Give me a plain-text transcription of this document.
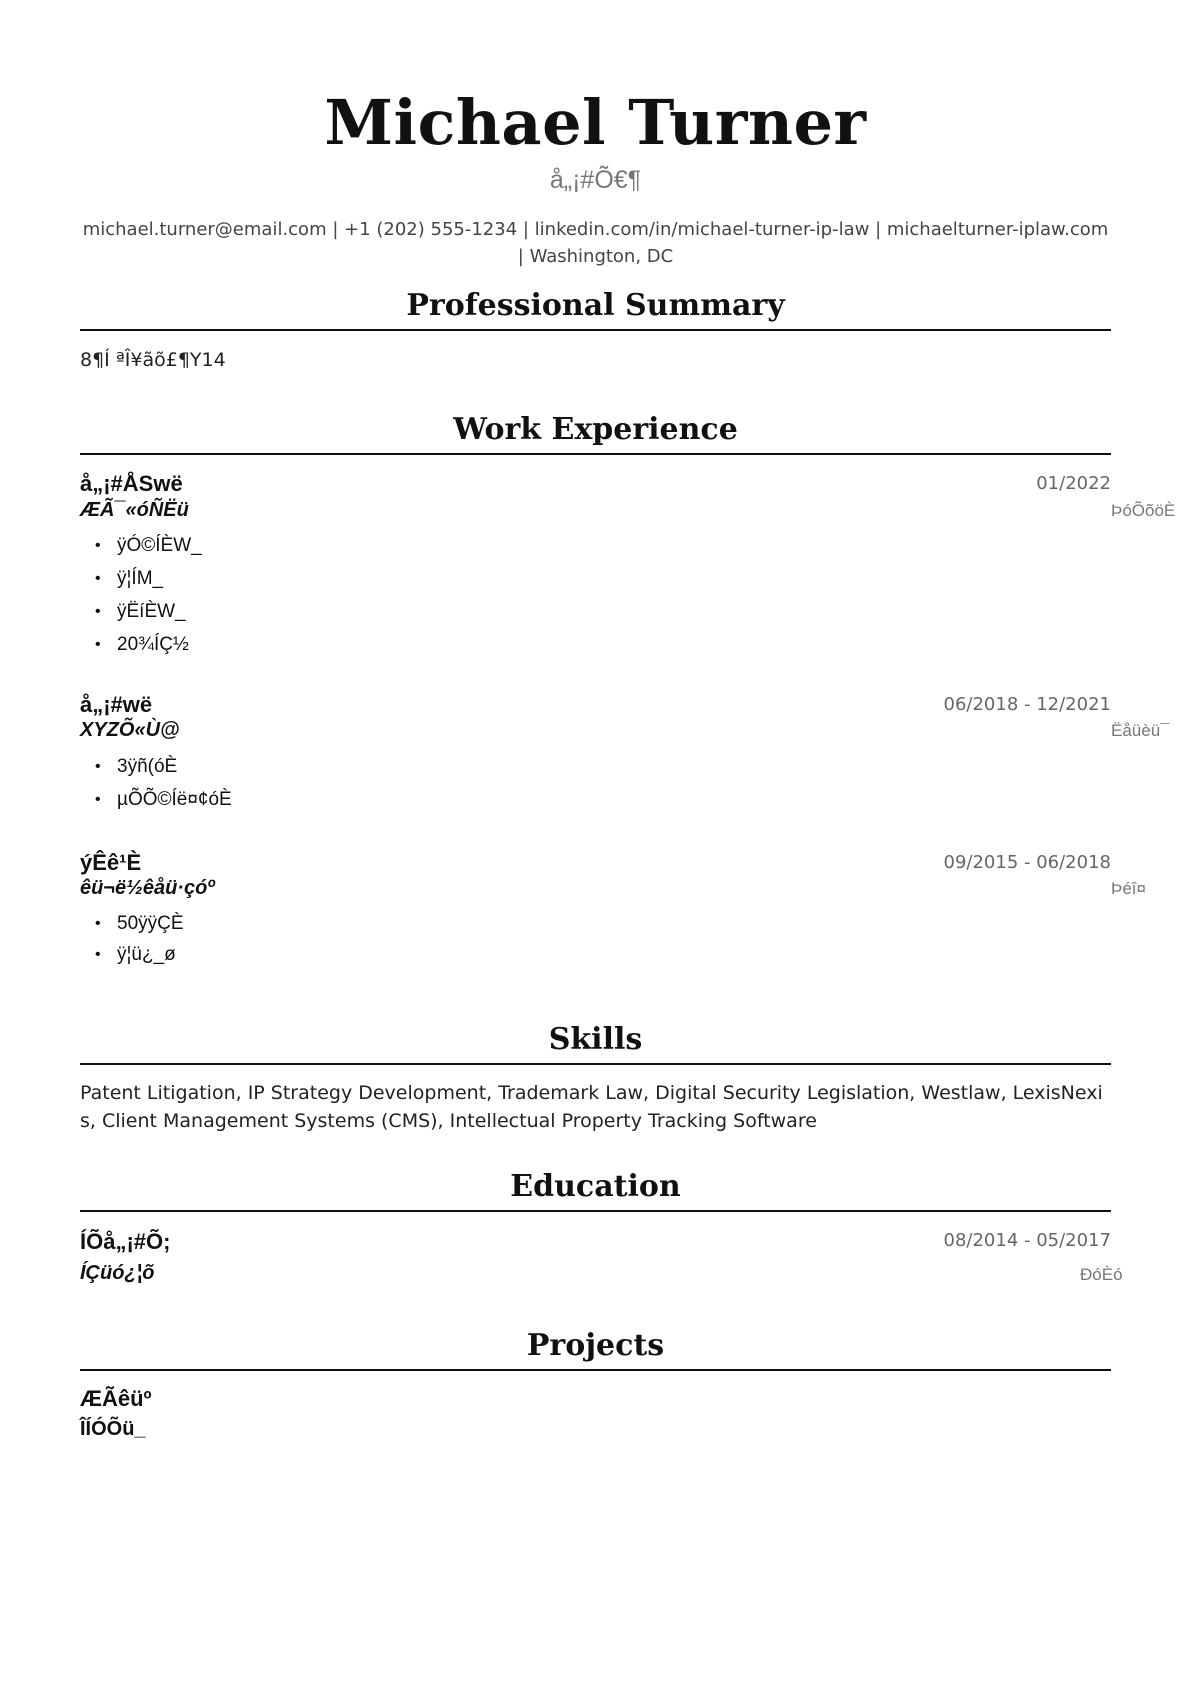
Michael Turner
å„¡#Õ€¶
michael.turner@email.com | +1 (202) 555-1234 | linkedin.com/in/michael-turner-ip-law | michaelturner-iplaw.com | Washington, DC
Professional Summary
8¶Í ªÎ¥ãõ£¶Y14
Work Experience
å„¡#ÅSwë	01/2022
ÆÃ¯«óÑËü	ÞóÕõöÈ
• ÿÓ©ÍÈW_
• ÿ¦ÍM_
• ÿËíÈW_
• 20¾ÍÇ½
å„¡#wë	06/2018 - 12/2021
XYZÕ«Ù@	Ëåüèü¯
• 3ÿñ(óÈ
• µÕÕ©Íë¤¢óÈ
ýÊê¹È	09/2015 - 06/2018
êü¬ë½êåü·çóº	Þéî¤
• 50ÿÿÇÈ
• ÿ¦ü¿_ø
Skills
Patent Litigation, IP Strategy Development, Trademark Law, Digital Security Legislation, Westlaw, LexisNexis, Client Management Systems (CMS), Intellectual Property Tracking Software
Education
ÍÕå„¡#Õ;	08/2014 - 05/2017
ÍÇüó¿¦õ	ÐóÈó
Projects
ÆÃêüº
ÎÍÓÕü_
